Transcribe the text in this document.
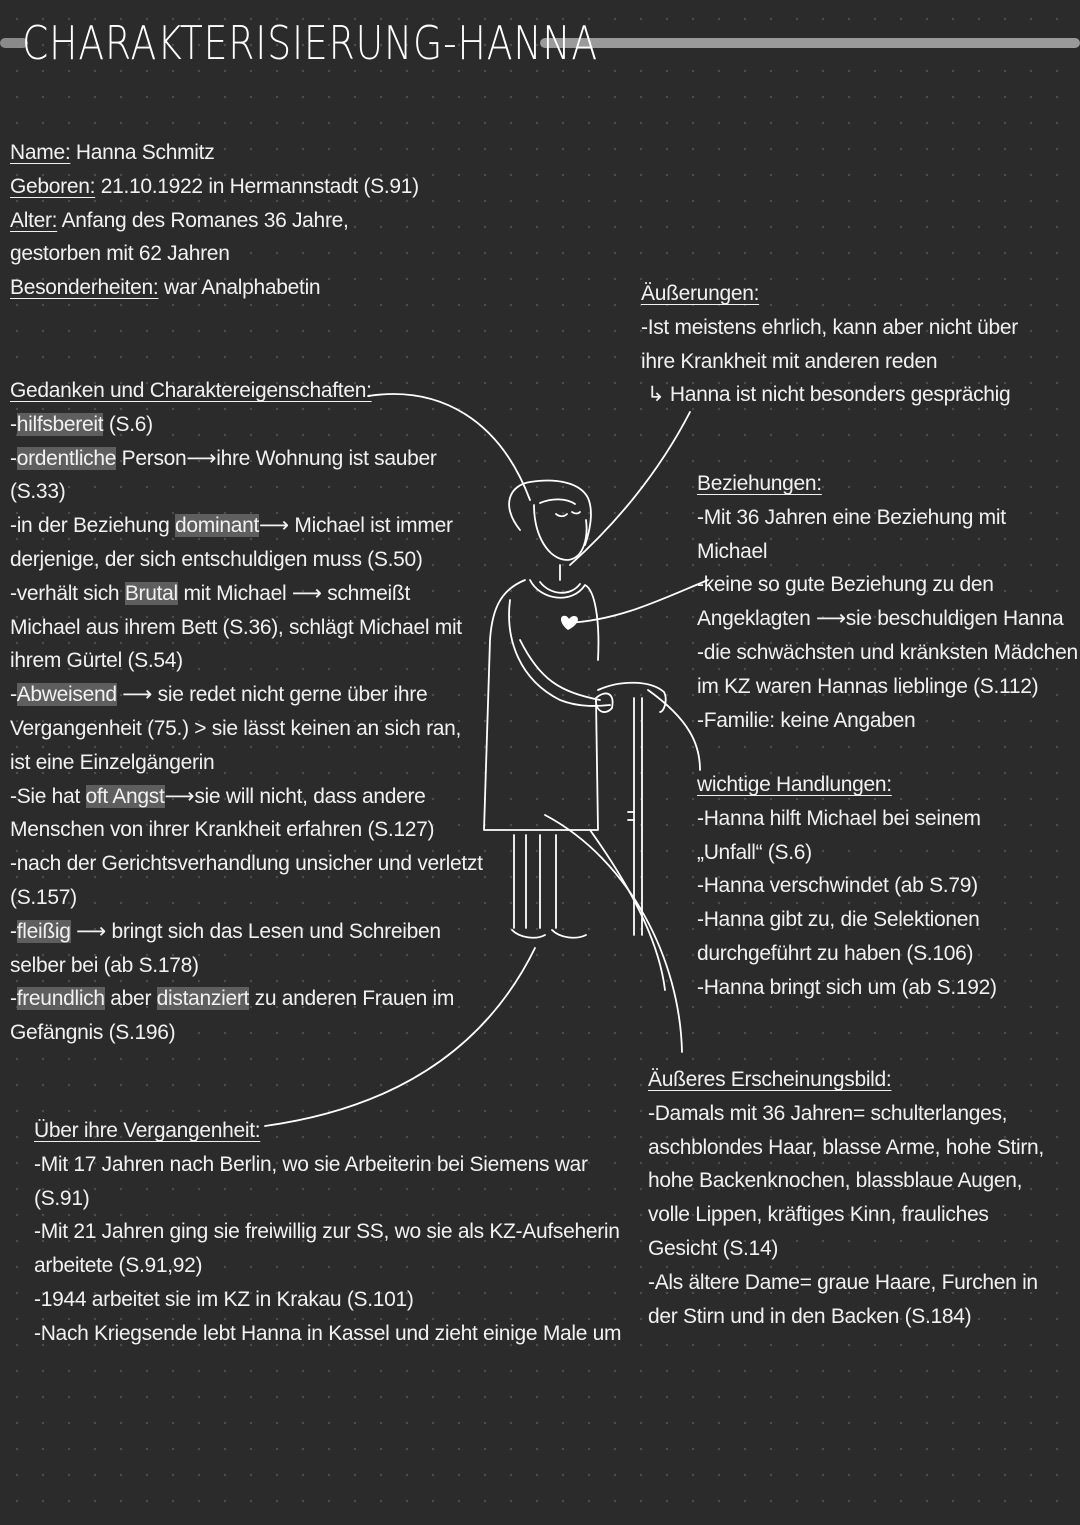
CHARAKTERISIERUNG-HANNA
Name: Hanna Schmitz
Geboren: 21.10.1922 in Hermannstadt (S.91)
Alter: Anfang des Romanes 36 Jahre,
gestorben mit 62 Jahren
Besonderheiten: war Analphabetin
Gedanken und Charaktereigenschaften:
-hilfsbereit (S.6)
-ordentliche Person⟶ihre Wohnung ist sauber
(S.33)
-in der Beziehung dominant⟶ Michael ist immer
derjenige, der sich entschuldigen muss (S.50)
-verhält sich Brutal mit Michael ⟶ schmeißt
Michael aus ihrem Bett (S.36), schlägt Michael mit
ihrem Gürtel (S.54)
-Abweisend ⟶ sie redet nicht gerne über ihre
Vergangenheit (75.) > sie lässt keinen an sich ran,
ist eine Einzelgängerin
-Sie hat oft Angst⟶sie will nicht, dass andere
Menschen von ihrer Krankheit erfahren (S.127)
-nach der Gerichtsverhandlung unsicher und verletzt
(S.157)
-fleißig ⟶ bringt sich das Lesen und Schreiben
selber bei (ab S.178)
-freundlich aber distanziert zu anderen Frauen im
Gefängnis (S.196)
Über ihre Vergangenheit:
-Mit 17 Jahren nach Berlin, wo sie Arbeiterin bei Siemens war
(S.91)
-Mit 21 Jahren ging sie freiwillig zur SS, wo sie als KZ-Aufseherin
arbeitete (S.91,92)
-1944 arbeitet sie im KZ in Krakau (S.101)
-Nach Kriegsende lebt Hanna in Kassel und zieht einige Male um
Äußerungen:
-Ist meistens ehrlich, kann aber nicht über
ihre Krankheit mit anderen reden
↳ Hanna ist nicht besonders gesprächig
Beziehungen:
-Mit 36 Jahren eine Beziehung mit
Michael
-keine so gute Beziehung zu den
Angeklagten ⟶sie beschuldigen Hanna
-die schwächsten und kränksten Mädchen
im KZ waren Hannas lieblinge (S.112)
-Familie: keine Angaben
wichtige Handlungen:
-Hanna hilft Michael bei seinem
„Unfall“ (S.6)
-Hanna verschwindet (ab S.79)
-Hanna gibt zu, die Selektionen
durchgeführt zu haben (S.106)
-Hanna bringt sich um (ab S.192)
Äußeres Erscheinungsbild:
-Damals mit 36 Jahren= schulterlanges,
aschblondes Haar, blasse Arme, hohe Stirn,
hohe Backenknochen, blassblaue Augen,
volle Lippen, kräftiges Kinn, frauliches
Gesicht (S.14)
-Als ältere Dame= graue Haare, Furchen in
der Stirn und in den Backen (S.184)
